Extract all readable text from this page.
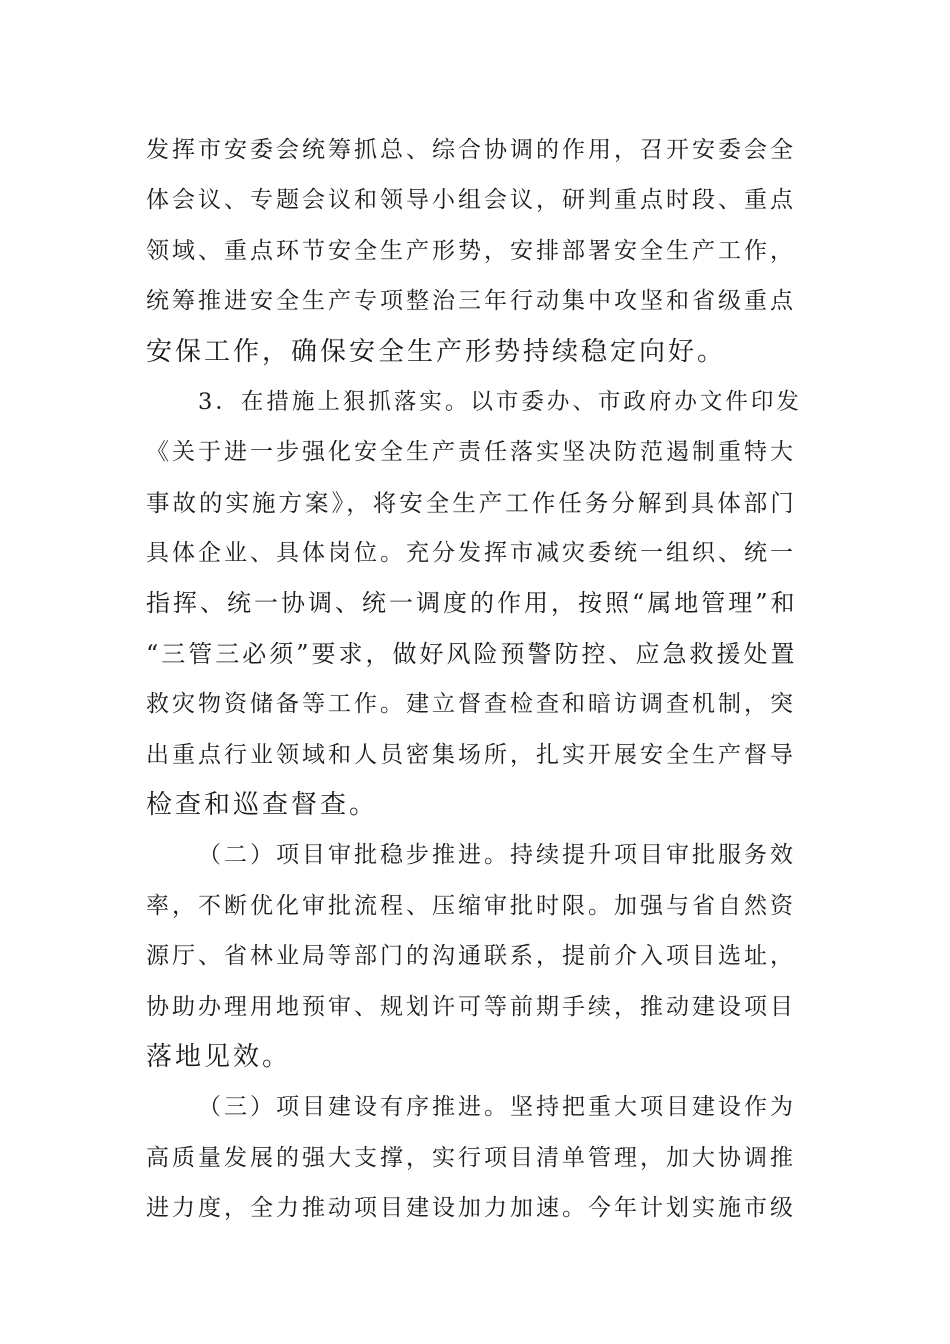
发挥市安委会统筹抓总、综合协调的作用，召开安委会全
体会议、专题会议和领导小组会议，研判重点时段、重点
领域、重点环节安全生产形势，安排部署安全生产工作，
统筹推进安全生产专项整治三年行动集中攻坚和省级重点
安保工作，确保安全生产形势持续稳定向好。
3．在措施上狠抓落实。以市委办、市政府办文件印发
《关于进一步强化安全生产责任落实坚决防范遏制重特大
事故的实施方案》，将安全生产工作任务分解到具体部门
具体企业、具体岗位。充分发挥市减灾委统一组织、统一
指挥、统一协调、统一调度的作用，按照“属地管理”和
“三管三必须”要求，做好风险预警防控、应急救援处置
救灾物资储备等工作。建立督查检查和暗访调查机制，突
出重点行业领域和人员密集场所，扎实开展安全生产督导
检查和巡查督查。
（二）项目审批稳步推进。持续提升项目审批服务效
率，不断优化审批流程、压缩审批时限。加强与省自然资
源厅、省林业局等部门的沟通联系，提前介入项目选址，
协助办理用地预审、规划许可等前期手续，推动建设项目
落地见效。
（三）项目建设有序推进。坚持把重大项目建设作为
高质量发展的强大支撑，实行项目清单管理，加大协调推
进力度，全力推动项目建设加力加速。今年计划实施市级
